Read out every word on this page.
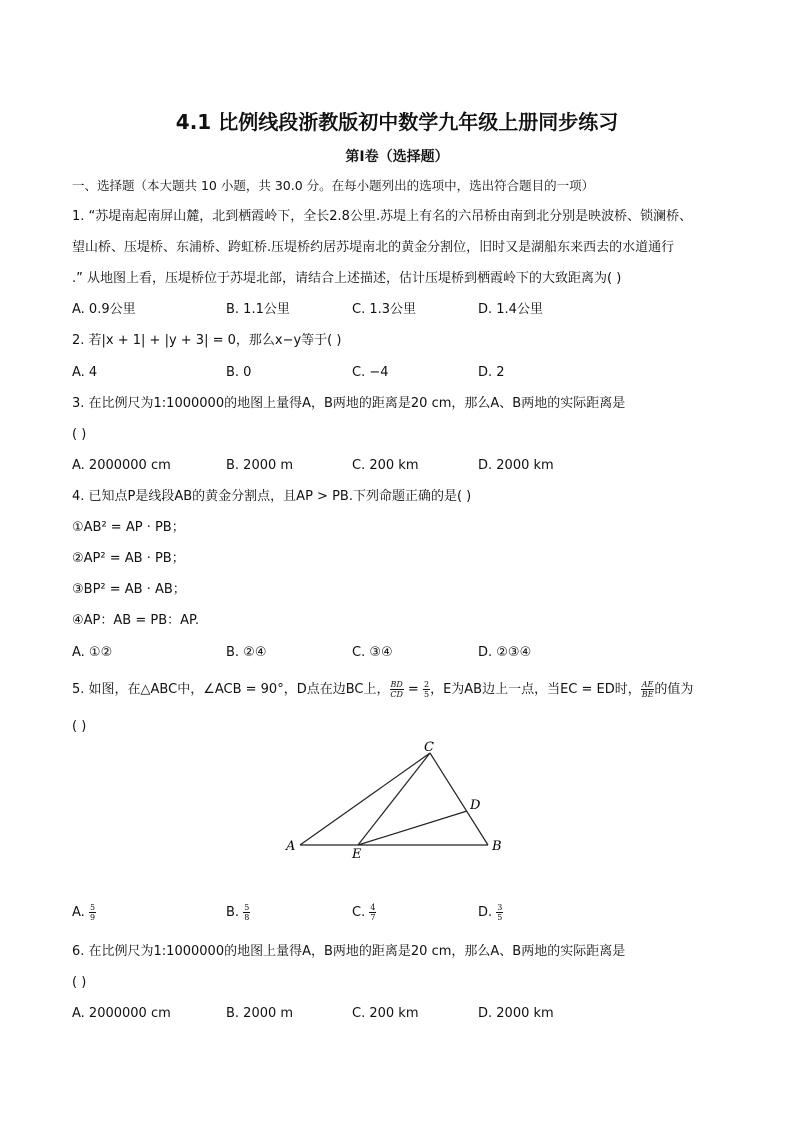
4.1 比例线段浙教版初中数学九年级上册同步练习
第I卷（选择题）
一、选择题（本大题共 10 小题，共 30.0 分。在每小题列出的选项中，选出符合题目的一项）
1. “苏堤南起南屏山麓，北到栖霞岭下，全长2.8公里.苏堤上有名的六吊桥由南到北分别是映波桥、锁澜桥、
望山桥、压堤桥、东浦桥、跨虹桥.压堤桥约居苏堤南北的黄金分割位，旧时又是湖船东来西去的水道通行
.” 从地图上看，压堤桥位于苏堤北部，请结合上述描述，估计压堤桥到栖霞岭下的大致距离为( )
A. 0.9公里	B. 1.1公里	C. 1.3公里	D. 1.4公里
2. 若|x + 1| + |y + 3| = 0，那么x−y等于( )
A. 4	B. 0	C. −4	D. 2
3. 在比例尺为1:1000000的地图上量得A，B两地的距离是20 cm，那么A、B两地的实际距离是
( )
A. 2000000 cm	B. 2000 m	C. 200 km	D. 2000 km
4. 已知点P是线段AB的黄金分割点，且AP > PB.下列命题正确的是( )
①AB² = AP · PB；
②AP² = AB · PB；
③BP² = AB · AB；
④AP：AB = PB：AP.
A. ①②	B. ②④	C. ③④	D. ②③④
5. 如图，在△ABC中，∠ACB = 90°，D点在边BC上， $\frac{BD}{CD} = \frac{2}{5}$ ，E为AB边上一点，当EC = ED时， $\frac{AE}{BE}$ 的值为
( )
C
D
A
E
B
A. $\frac{5}{9}$	B. $\frac{5}{8}$	C. $\frac{4}{7}$	D. $\frac{3}{5}$
6. 在比例尺为1:1000000的地图上量得A，B两地的距离是20 cm，那么A、B两地的实际距离是
( )
A. 2000000 cm	B. 2000 m	C. 200 km	D. 2000 km
